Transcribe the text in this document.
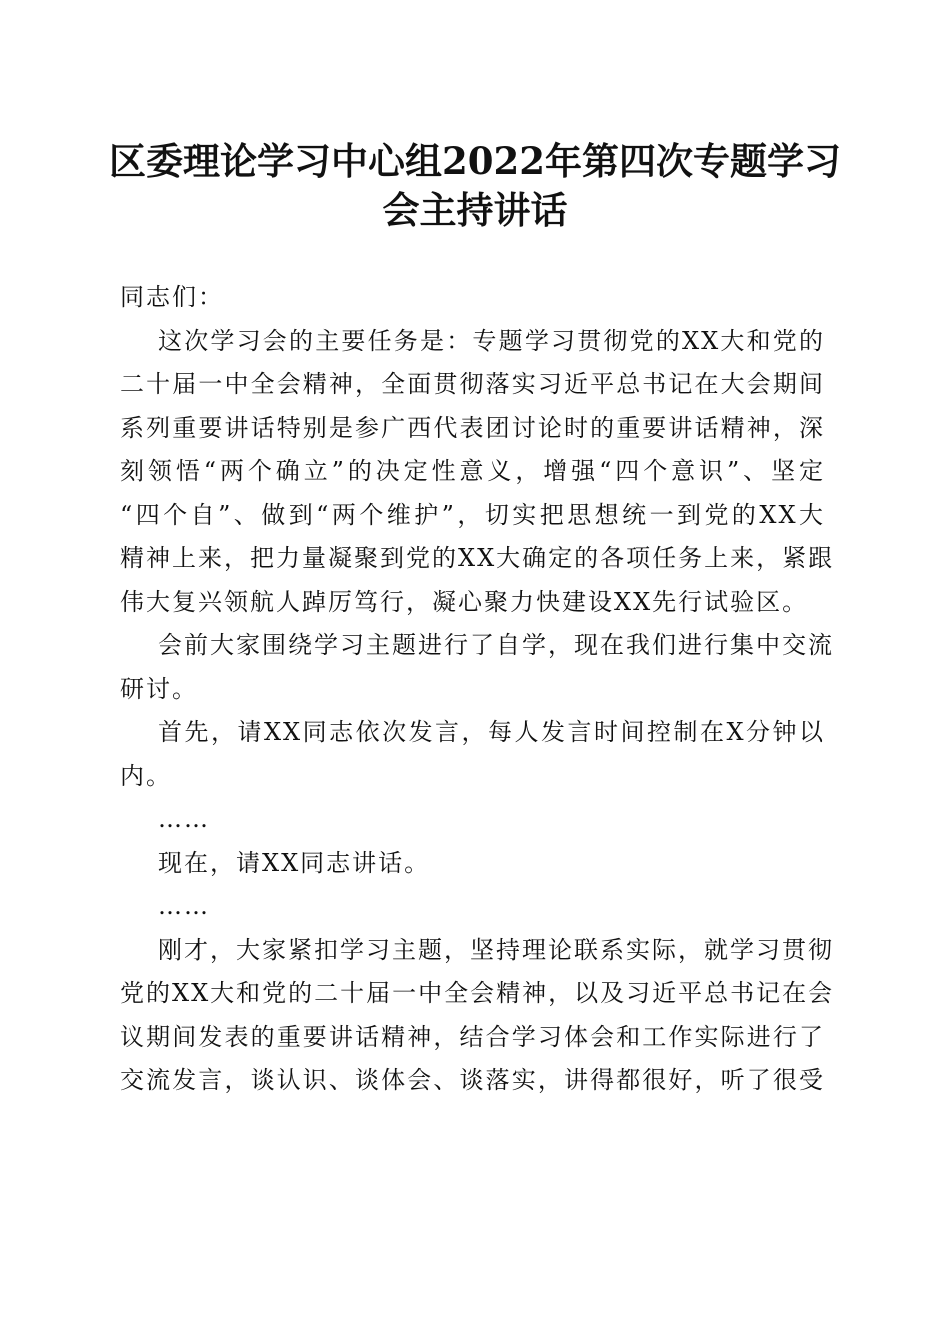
区委理论学习中心组2022年第四次专题学习
会主持讲话
同志们：
这次学习会的主要任务是：专题学习贯彻党的XX大和党的
二十届一中全会精神，全面贯彻落实习近平总书记在大会期间
系列重要讲话特别是参广西代表团讨论时的重要讲话精神，深
刻领悟“两个确立”的决定性意义，增强“四个意识”、坚定
“四个自”、做到“两个维护”，切实把思想统一到党的XX大
精神上来，把力量凝聚到党的XX大确定的各项任务上来，紧跟
伟大复兴领航人踔厉笃行，凝心聚力快建设XX先行试验区。
会前大家围绕学习主题进行了自学，现在我们进行集中交流
研讨。
首先，请XX同志依次发言，每人发言时间控制在X分钟以
内。
……
现在，请XX同志讲话。
……
刚才，大家紧扣学习主题，坚持理论联系实际，就学习贯彻
党的XX大和党的二十届一中全会精神，以及习近平总书记在会
议期间发表的重要讲话精神，结合学习体会和工作实际进行了
交流发言，谈认识、谈体会、谈落实，讲得都很好，听了很受
